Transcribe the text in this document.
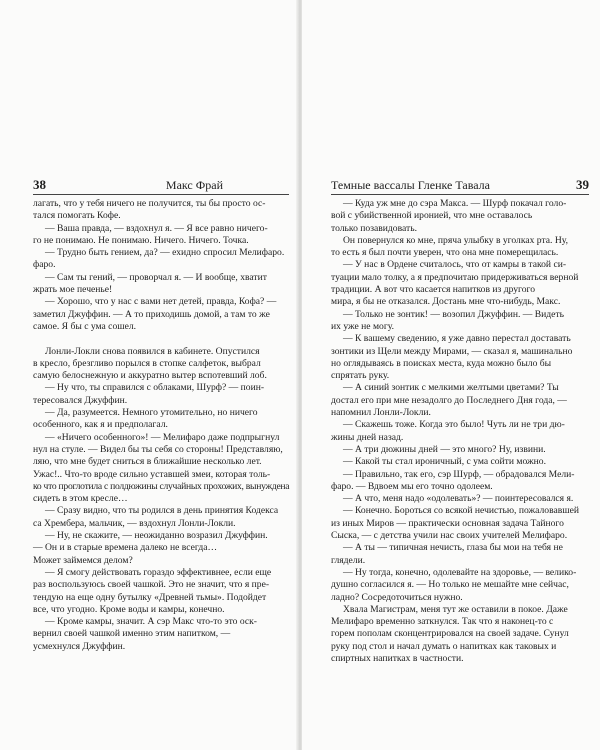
38	Макс Фрай
лагать, что у тебя ничего не получится, ты бы просто ос-
тался помогать Кофе.
— Ваша правда, — вздохнул я. — Я все равно ничего-
го не понимаю. Не понимаю. Ничего. Ничего. Точка.
— Трудно быть гением, да? — ехидно спросил Мелифаро.
фаро.
— Сам ты гений, — проворчал я. — И вообще, хватит
жрать мое печенье!
— Хорошо, что у нас с вами нет детей, правда, Кофа? —
заметил Джуффин. — А то приходишь домой, а там то же
самое. Я бы с ума сошел.
Лонли-Локли снова появился в кабинете. Опустился
в кресло, брезгливо порылся в стопке салфеток, выбрал
самую белоснежную и аккуратно вытер вспотевший лоб.
— Ну что, ты справился с облаками, Шурф? — поин-
тересовался Джуффин.
— Да, разумеется. Немного утомительно, но ничего
особенного, как я и предполагал.
— «Ничего особенного»! — Мелифаро даже подпрыгнул
нул на стуле. — Видел бы ты себя со стороны! Представляю,
ляю, что мне будет сниться в ближайшие несколько лет.
Ужас!.. Что-то вроде сильно уставшей змеи, которая толь-
ко что проглотила с полдюжины случайных прохожих, вынуждена
сидеть в этом кресле…
— Сразу видно, что ты родился в день принятия Кодекса
са Хрембера, мальчик, — вздохнул Лонли-Локли.
— Ну, не скажите, — неожиданно возразил Джуффин.
— Он и в старые времена далеко не всегда…
Может займемся делом?
— Я смогу действовать гораздо эффективнее, если еще
раз воспользуюсь своей чашкой. Это не значит, что я пре-
тендую на еще одну бутылку «Древней тьмы». Подойдет
все, что угодно. Кроме воды и камры, конечно.
— Кроме камры, значит. А сэр Макс что-то это оск-
вернил своей чашкой именно этим напитком, —
усмехнулся Джуффин.
Темные вассалы Гленке Тавала	39
— Куда уж мне до сэра Макса. — Шурф покачал голо-
вой с убийственной иронией, что мне оставалось
только позавидовать.
Он повернулся ко мне, пряча улыбку в уголках рта. Ну,
то есть я был почти уверен, что она мне померещилась.
— У нас в Ордене считалось, что от камры в такой си-
туации мало толку, а я предпочитаю придерживаться верной
традиции. А вот что касается напитков из другого
мира, я бы не отказался. Достань мне что-нибудь, Макс.
— Только не зонтик! — возопил Джуффин. — Видеть
их уже не могу.
— К вашему сведению, я уже давно перестал доставать
зонтики из Щели между Мирами, — сказал я, машинально
но оглядываясь в поисках места, куда можно было бы
спрятать руку.
— А синий зонтик с мелкими желтыми цветами? Ты
достал его при мне незадолго до Последнего Дня года, —
напомнил Лонли-Локли.
— Скажешь тоже. Когда это было! Чуть ли не три дю-
жины дней назад.
— А три дюжины дней — это много? Ну, извини.
— Какой ты стал ироничный, с ума сойти можно.
— Правильно, так его, сэр Шурф, — обрадовался Мели-
фаро. — Вдвоем мы его точно одолеем.
— А что, меня надо «одолевать»? — поинтересовался я.
— Конечно. Бороться со всякой нечистью, пожаловавшей
из иных Миров — практически основная задача Тайного
Сыска, — с детства учили нас своих учителей Мелифаро.
— А ты — типичная нечисть, глаза бы мои на тебя не
глядели.
— Ну тогда, конечно, одолевайте на здоровье, — велико-
душно согласился я. — Но только не мешайте мне сейчас,
ладно? Сосредоточиться нужно.
Хвала Магистрам, меня тут же оставили в покое. Даже
Мелифаро временно заткнулся. Так что я наконец-то с
горем пополам сконцентрировался на своей задаче. Сунул
руку под стол и начал думать о напитках как таковых и
спиртных напитках в частности.
